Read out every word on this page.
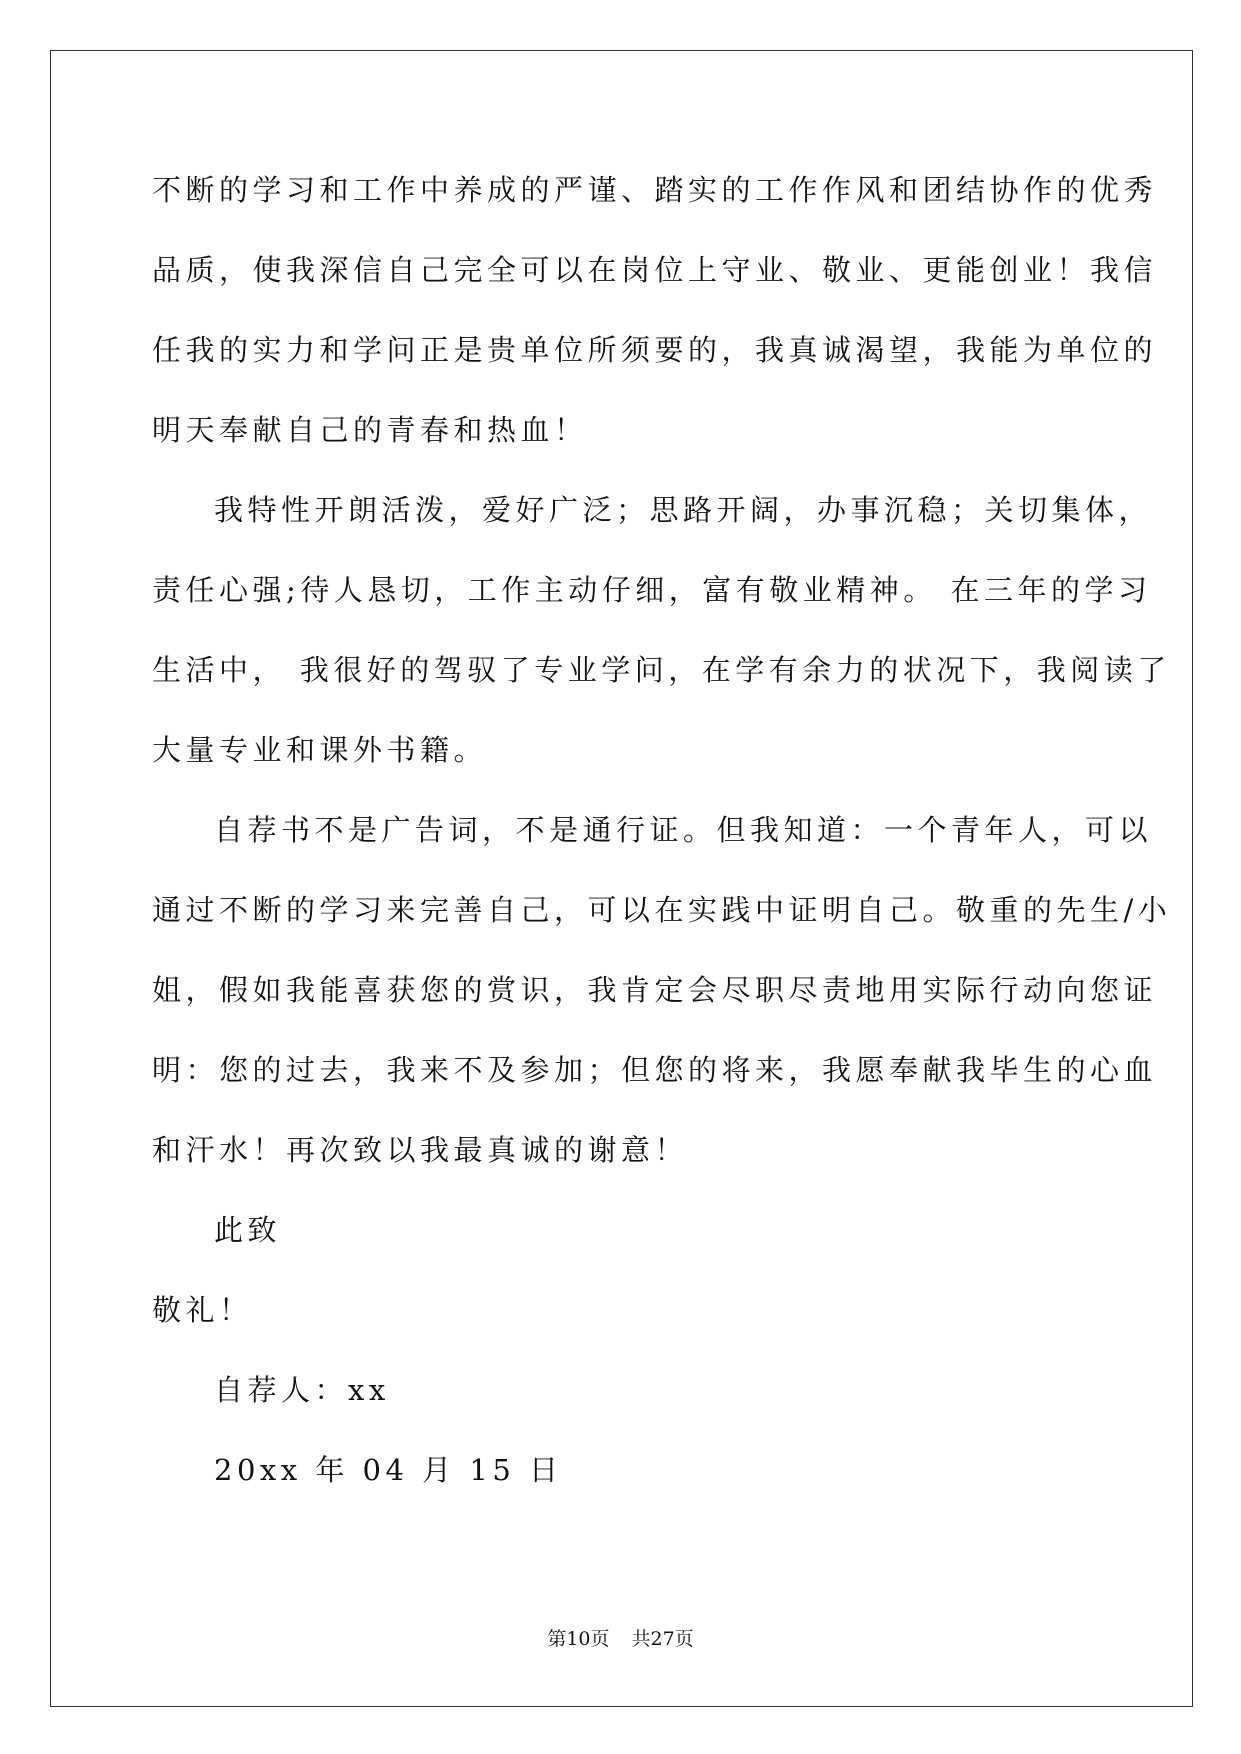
不断的学习和工作中养成的严谨、踏实的工作作风和团结协作的优秀
品质，使我深信自己完全可以在岗位上守业、敬业、更能创业！我信
任我的实力和学问正是贵单位所须要的，我真诚渴望，我能为单位的
明天奉献自己的青春和热血！
我特性开朗活泼，爱好广泛；思路开阔，办事沉稳；关切集体，
责任心强;待人恳切，工作主动仔细，富有敬业精神。 在三年的学习
生活中， 我很好的驾驭了专业学问，在学有余力的状况下，我阅读了
大量专业和课外书籍。
自荐书不是广告词，不是通行证。但我知道：一个青年人，可以
通过不断的学习来完善自己，可以在实践中证明自己。敬重的先生/小
姐，假如我能喜获您的赏识，我肯定会尽职尽责地用实际行动向您证
明：您的过去，我来不及参加；但您的将来，我愿奉献我毕生的心血
和汗水！再次致以我最真诚的谢意！
此致
敬礼！
自荐人：xx
20xx 年 04 月 15 日
第10页 共27页
